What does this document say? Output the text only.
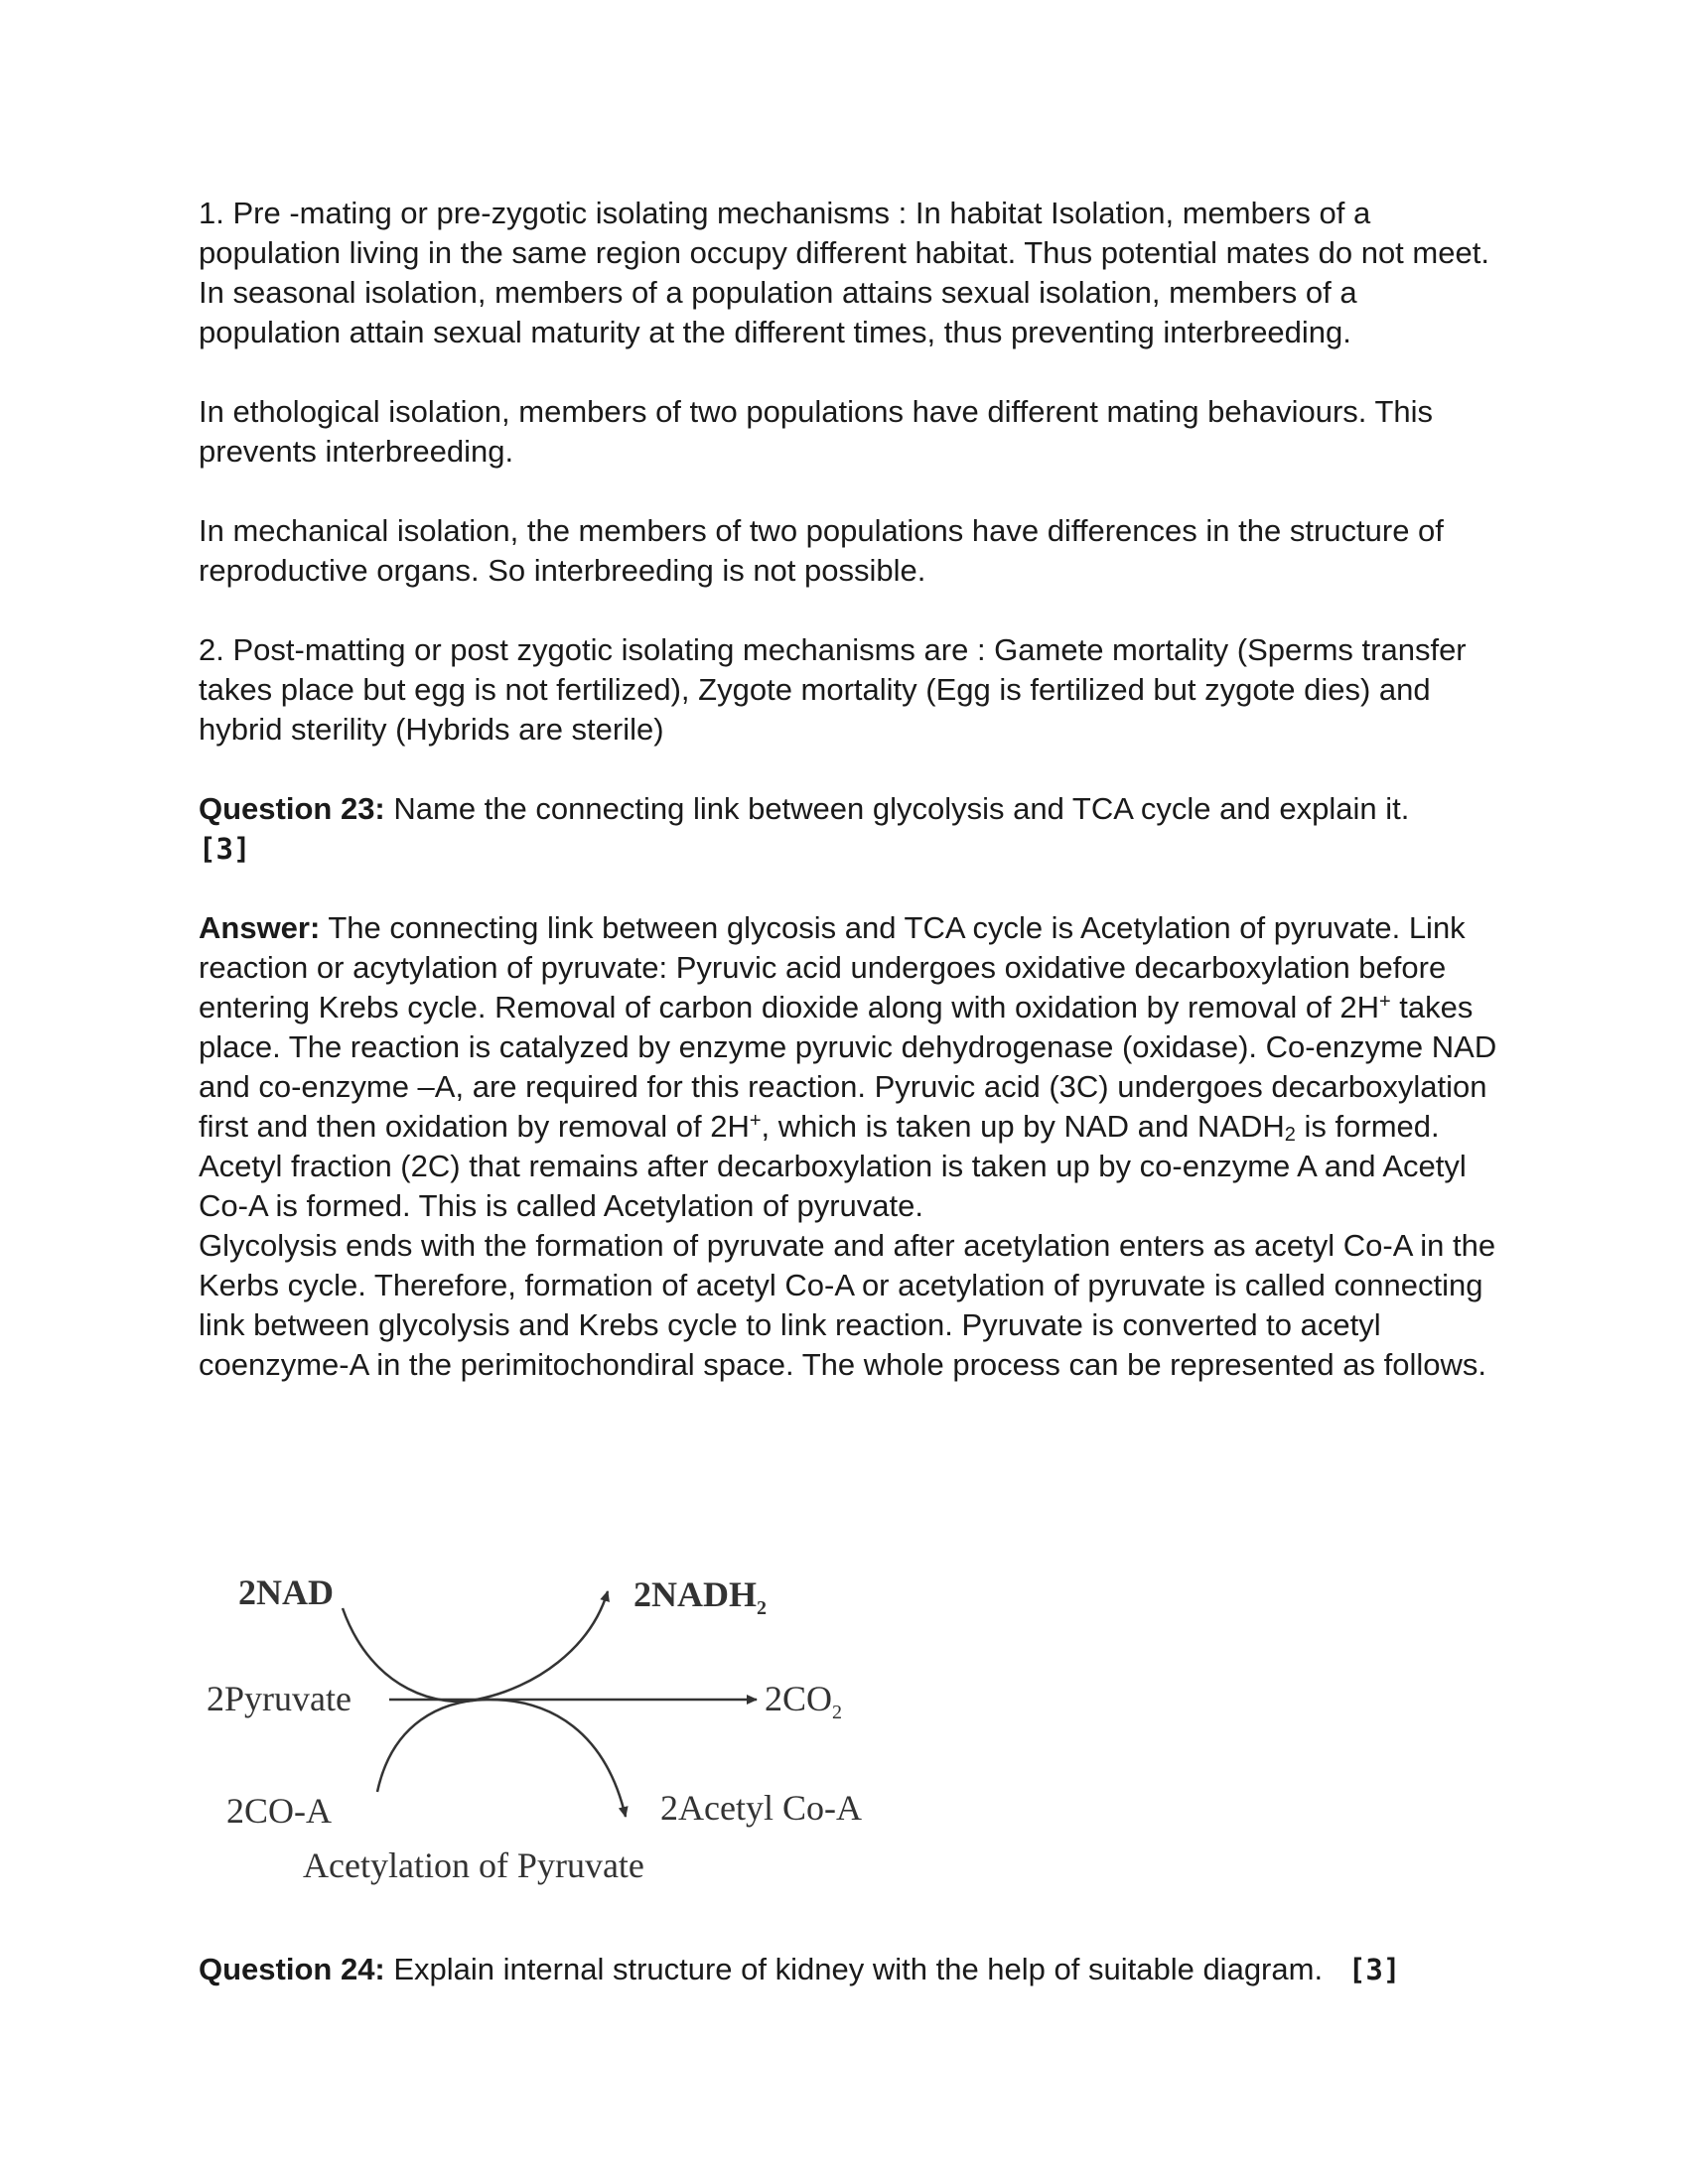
1. Pre -mating or pre-zygotic isolating mechanisms : In habitat Isolation, members of a population living in the same region occupy different habitat. Thus potential mates do not meet. In seasonal isolation, members of a population attains sexual isolation, members of a population attain sexual maturity at the different times, thus preventing interbreeding.

In ethological isolation, members of two populations have different mating behaviours. This prevents interbreeding.

In mechanical isolation, the members of two populations have differences in the structure of reproductive organs. So interbreeding is not possible.

2. Post-matting or post zygotic isolating mechanisms are : Gamete mortality (Sperms transfer takes place but egg is not fertilized), Zygote mortality (Egg is fertilized but zygote dies) and hybrid sterility (Hybrids are sterile)

Question 23: Name the connecting link between glycolysis and TCA cycle and explain it.
[3]

Answer: The connecting link between glycosis and TCA cycle is Acetylation of pyruvate. Link reaction or acytylation of pyruvate: Pyruvic acid undergoes oxidative decarboxylation before entering Krebs cycle. Removal of carbon dioxide along with oxidation by removal of 2H+ takes place. The reaction is catalyzed by enzyme pyruvic dehydrogenase (oxidase). Co-enzyme NAD and co-enzyme –A, are required for this reaction. Pyruvic acid (3C) undergoes decarboxylation first and then oxidation by removal of 2H+, which is taken up by NAD and $NADH_2$ is formed. Acetyl fraction (2C) that remains after decarboxylation is taken up by co-enzyme A and Acetyl Co-A is formed. This is called Acetylation of pyruvate.

Glycolysis ends with the formation of pyruvate and after acetylation enters as acetyl Co-A in the Kerbs cycle. Therefore, formation of acetyl Co-A or acetylation of pyruvate is called connecting link between glycolysis and Krebs cycle to link reaction. Pyruvate is converted to acetyl coenzyme-A in the perimitochondiral space. The whole process can be represented as follows.

2NAD	$2NADH_2$
2Pyruvate	$2CO_2$
2CO-A	2Acetyl Co-A
Acetylation of Pyruvate

Question 24: Explain internal structure of kidney with the help of suitable diagram. [3]
